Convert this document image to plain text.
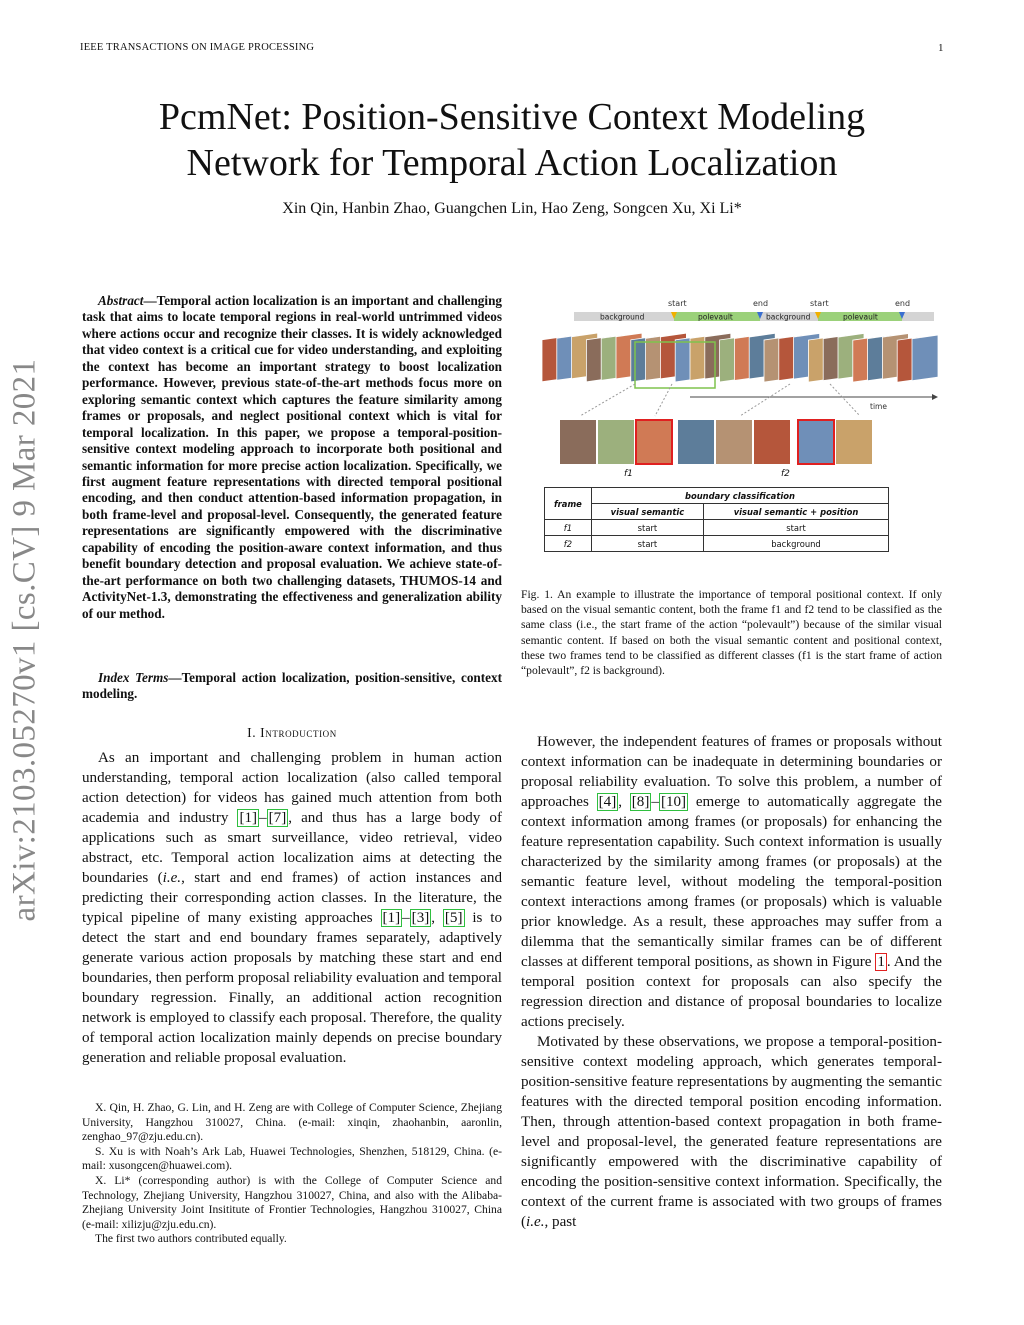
IEEE TRANSACTIONS ON IMAGE PROCESSING	1
PcmNet: Position-Sensitive Context Modeling
Network for Temporal Action Localization
Xin Qin, Hanbin Zhao, Guangchen Lin, Hao Zeng, Songcen Xu, Xi Li*
arXiv:2103.05270v1 [cs.CV] 9 Mar 2021

Abstract—Temporal action localization is an important and challenging task that aims to locate temporal regions in real-world untrimmed videos where actions occur and recognize their classes. It is widely acknowledged that video context is a critical cue for video understanding, and exploiting the context has become an important strategy to boost localization performance. However, previous state-of-the-art methods focus more on exploring semantic context which captures the feature similarity among frames or proposals, and neglect positional context which is vital for temporal localization. In this paper, we propose a temporal-position-sensitive context modeling approach to incorporate both positional and semantic information for more precise action localization. Specifically, we first augment feature representations with directed temporal positional encoding, and then conduct attention-based information propagation, in both frame-level and proposal-level. Consequently, the generated feature representations are significantly empowered with the discriminative capability of encoding the position-aware context information, and thus benefit boundary detection and proposal evaluation. We achieve state-of-the-art performance on both two challenging datasets, THUMOS-14 and ActivityNet-1.3, demonstrating the effectiveness and generalization ability of our method.

Index Terms—Temporal action localization, position-sensitive, context modeling.

I. Introduction

As an important and challenging problem in human action understanding, temporal action localization (also called temporal action detection) for videos has gained much attention from both academia and industry [1] – [7] , and thus has a large body of applications such as smart surveillance, video retrieval, video abstract, etc. Temporal action localization aims at detecting the boundaries (i.e., start and end frames) of action instances and predicting their corresponding action classes. In the literature, the typical pipeline of many existing approaches [1] – [3] , [5] is to detect the start and end boundary frames separately, adaptively generate various action proposals by matching these start and end boundaries, then perform proposal reliability evaluation and temporal boundary regression. Finally, an additional action recognition network is employed to classify each proposal. Therefore, the quality of temporal action localization mainly depends on precise boundary generation and reliable proposal evaluation.

X. Qin, H. Zhao, G. Lin, and H. Zeng are with College of Computer Science, Zhejiang University, Hangzhou 310027, China. (e-mail: xinqin, zhaohanbin, aaronlin, zenghao_97@zju.edu.cn).

S. Xu is with Noah’s Ark Lab, Huawei Technologies, Shenzhen, 518129, China. (e-mail: xusongcen@huawei.com).

X. Li* (corresponding author) is with the College of Computer Science and Technology, Zhejiang University, Hangzhou 310027, China, and also with the Alibaba-Zhejiang University Joint Insititute of Frontier Technologies, Hangzhou 310027, China (e-mail: xilizju@zju.edu.cn).

The first two authors contributed equally.

start	end	start	end
background	polevault	background	polevault
time
f1	f2
frame	boundary classification	
	visual semantic	visual semantic + position
f1	start	start
f2	start	background

Fig. 1. An example to illustrate the importance of temporal positional context. If only based on the visual semantic content, both the frame f1 and f2 tend to be classified as the same class (i.e., the start frame of the action “polevault”) because of the similar visual semantic content. If based on both the visual semantic content and positional context, these two frames tend to be classified as different classes (f1 is the start frame of action “polevault”, f2 is background).

However, the independent features of frames or proposals without context information can be inadequate in determining boundaries or proposal reliability evaluation. To solve this problem, a number of approaches [4] , [8] – [10] emerge to automatically aggregate the context information among frames (or proposals) for enhancing the feature representation capability. Such context information is usually characterized by the similarity among frames (or proposals) at the semantic feature level, without modeling the temporal-position context interactions among frames (or proposals) which is valuable prior knowledge. As a result, these approaches may suffer from a dilemma that the semantically similar frames can be of different classes at different temporal positions, as shown in Figure 1 . And the temporal position context for proposals can also specify the regression direction and distance of proposal boundaries to localize actions precisely.

Motivated by these observations, we propose a temporal-position-sensitive context modeling approach, which generates temporal-position-sensitive feature representations by augmenting the semantic features with the directed temporal position encoding information. Then, through attention-based context propagation in both frame-level and proposal-level, the generated feature representations are significantly empowered with the discriminative capability of encoding the position-sensitive context information. Specifically, the context of the current frame is associated with two groups of frames (i.e., past
